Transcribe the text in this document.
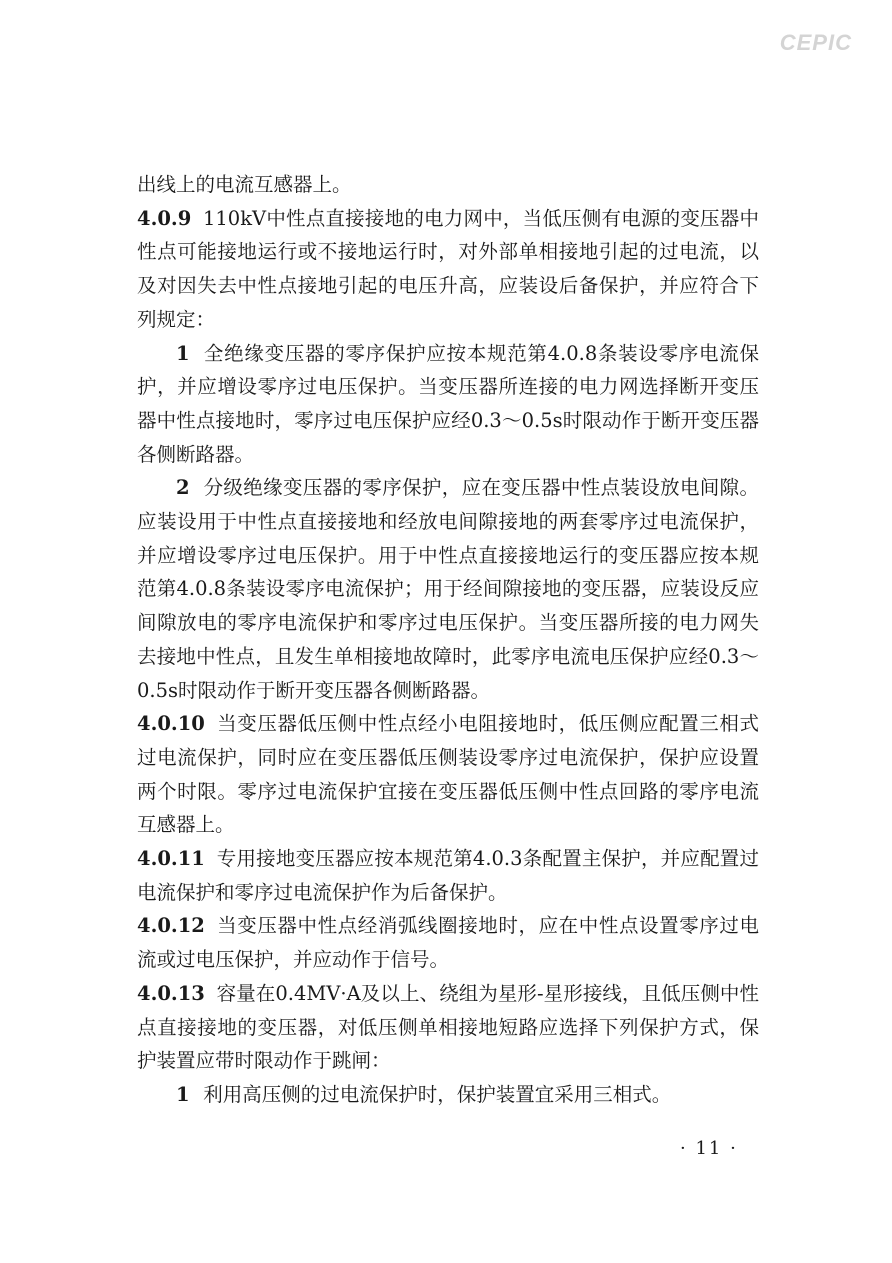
CEPIC

出线上的电流互感器上。

4.0.9 110kV中性点直接接地的电力网中，当低压侧有电源的变压器中性点可能接地运行或不接地运行时，对外部单相接地引起的过电流，以及对因失去中性点接地引起的电压升高，应装设后备保护，并应符合下列规定：

1 全绝缘变压器的零序保护应按本规范第4.0.8条装设零序电流保护，并应增设零序过电压保护。当变压器所连接的电力网选择断开变压器中性点接地时，零序过电压保护应经0.3～0.5s时限动作于断开变压器各侧断路器。

2 分级绝缘变压器的零序保护，应在变压器中性点装设放电间隙。应装设用于中性点直接接地和经放电间隙接地的两套零序过电流保护，并应增设零序过电压保护。用于中性点直接接地运行的变压器应按本规范第4.0.8条装设零序电流保护；用于经间隙接地的变压器，应装设反应间隙放电的零序电流保护和零序过电压保护。当变压器所接的电力网失去接地中性点，且发生单相接地故障时，此零序电流电压保护应经0.3～0.5s时限动作于断开变压器各侧断路器。

4.0.10 当变压器低压侧中性点经小电阻接地时，低压侧应配置三相式过电流保护，同时应在变压器低压侧装设零序过电流保护，保护应设置两个时限。零序过电流保护宜接在变压器低压侧中性点回路的零序电流互感器上。

4.0.11 专用接地变压器应按本规范第4.0.3条配置主保护，并应配置过电流保护和零序过电流保护作为后备保护。

4.0.12 当变压器中性点经消弧线圈接地时，应在中性点设置零序过电流或过电压保护，并应动作于信号。

4.0.13 容量在0.4MV·A及以上、绕组为星形-星形接线，且低压侧中性点直接接地的变压器，对低压侧单相接地短路应选择下列保护方式，保护装置应带时限动作于跳闸：

1 利用高压侧的过电流保护时，保护装置宜采用三相式。

· 11 ·
